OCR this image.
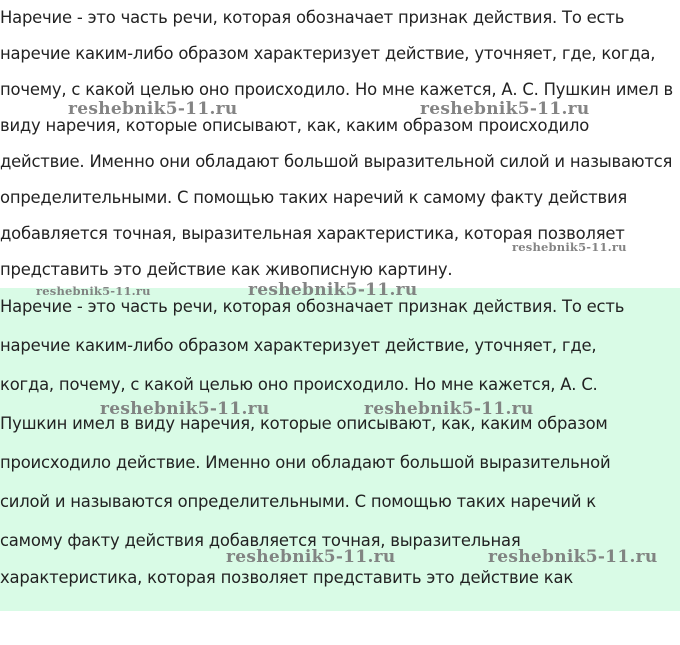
Наречие - это часть речи, которая обозначает признак действия. То есть
наречие каким-либо образом характеризует действие, уточняет, где, когда,
почему, с какой целью оно происходило. Но мне кажется, А. С. Пушкин имел в
виду наречия, которые описывают, как, каким образом происходило
действие. Именно они обладают большой выразительной силой и называются
определительными. С помощью таких наречий к самому факту действия
добавляется точная, выразительная характеристика, которая позволяет
представить это действие как живописную картину.
Наречие - это часть речи, которая обозначает признак действия. То есть
наречие каким-либо образом характеризует действие, уточняет, где,
когда, почему, с какой целью оно происходило. Но мне кажется, А. С.
Пушкин имел в виду наречия, которые описывают, как, каким образом
происходило действие. Именно они обладают большой выразительной
силой и называются определительными. С помощью таких наречий к
самому факту действия добавляется точная, выразительная
характеристика, которая позволяет представить это действие как
reshebnik5-11.ru	reshebnik5-11.ru
reshebnik5-11.ru
reshebnik5-11.ru	reshebnik5-11.ru
reshebnik5-11.ru	reshebnik5-11.ru
reshebnik5-11.ru	reshebnik5-11.ru
